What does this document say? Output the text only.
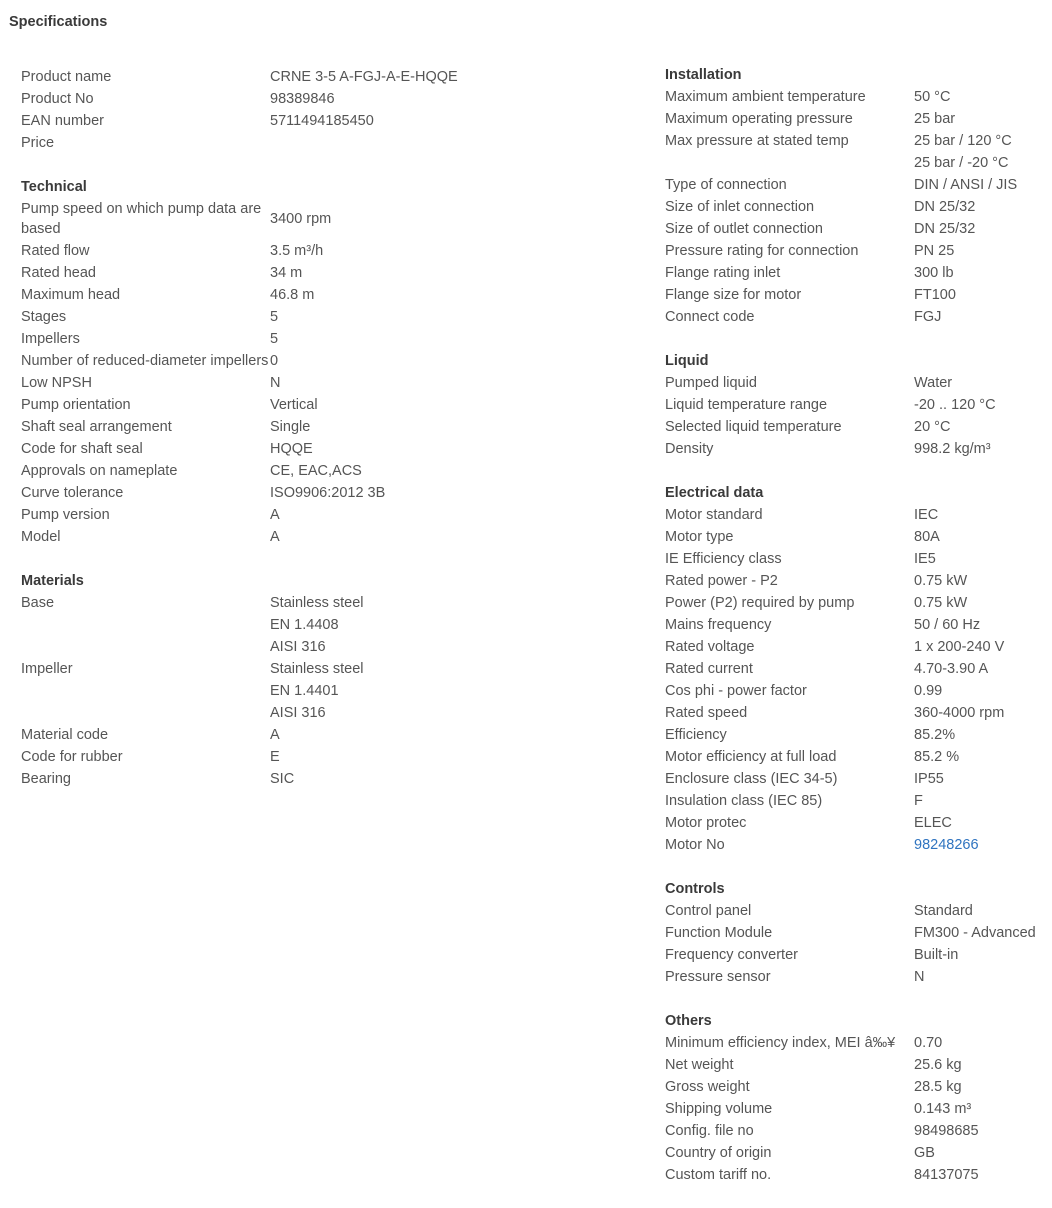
Specifications
Product name	CRNE 3-5 A-FGJ-A-E-HQQE
Product No	98389846
EAN number	5711494185450
Price
Technical
Pump speed on which pump data are based
3400 rpm
Rated flow	3.5 m³/h
Rated head	34 m
Maximum head	46.8 m
Stages	5
Impellers	5
Number of reduced-diameter impellers 0
Low NPSH	N
Pump orientation	Vertical
Shaft seal arrangement	Single
Code for shaft seal	HQQE
Approvals on nameplate	CE, EAC,ACS
Curve tolerance	ISO9906:2012 3B
Pump version	A
Model	A
Materials
Base	Stainless steel
EN 1.4408
AISI 316
Impeller	Stainless steel
EN 1.4401
AISI 316
Material code	A
Code for rubber	E
Bearing	SIC
Installation
Maximum ambient temperature	50 °C
Maximum operating pressure	25 bar
Max pressure at stated temp	25 bar / 120 °C
25 bar / -20 °C
Type of connection	DIN / ANSI / JIS
Size of inlet connection	DN 25/32
Size of outlet connection	DN 25/32
Pressure rating for connection	PN 25
Flange rating inlet	300 lb
Flange size for motor	FT100
Connect code	FGJ
Liquid
Pumped liquid	Water
Liquid temperature range	-20 .. 120 °C
Selected liquid temperature	20 °C
Density	998.2 kg/m³
Electrical data
Motor standard	IEC
Motor type	80A
IE Efficiency class	IE5
Rated power - P2	0.75 kW
Power (P2) required by pump	0.75 kW
Mains frequency	50 / 60 Hz
Rated voltage	1 x 200-240 V
Rated current	4.70-3.90 A
Cos phi - power factor	0.99
Rated speed	360-4000 rpm
Efficiency	85.2%
Motor efficiency at full load	85.2 %
Enclosure class (IEC 34-5)	IP55
Insulation class (IEC 85)	F
Motor protec	ELEC
Motor No	98248266
Controls
Control panel	Standard
Function Module	FM300 - Advanced
Frequency converter	Built-in
Pressure sensor	N
Others
Minimum efficiency index, MEI â‰¥	0.70
Net weight	25.6 kg
Gross weight	28.5 kg
Shipping volume	0.143 m³
Config. file no	98498685
Country of origin	GB
Custom tariff no.	84137075
